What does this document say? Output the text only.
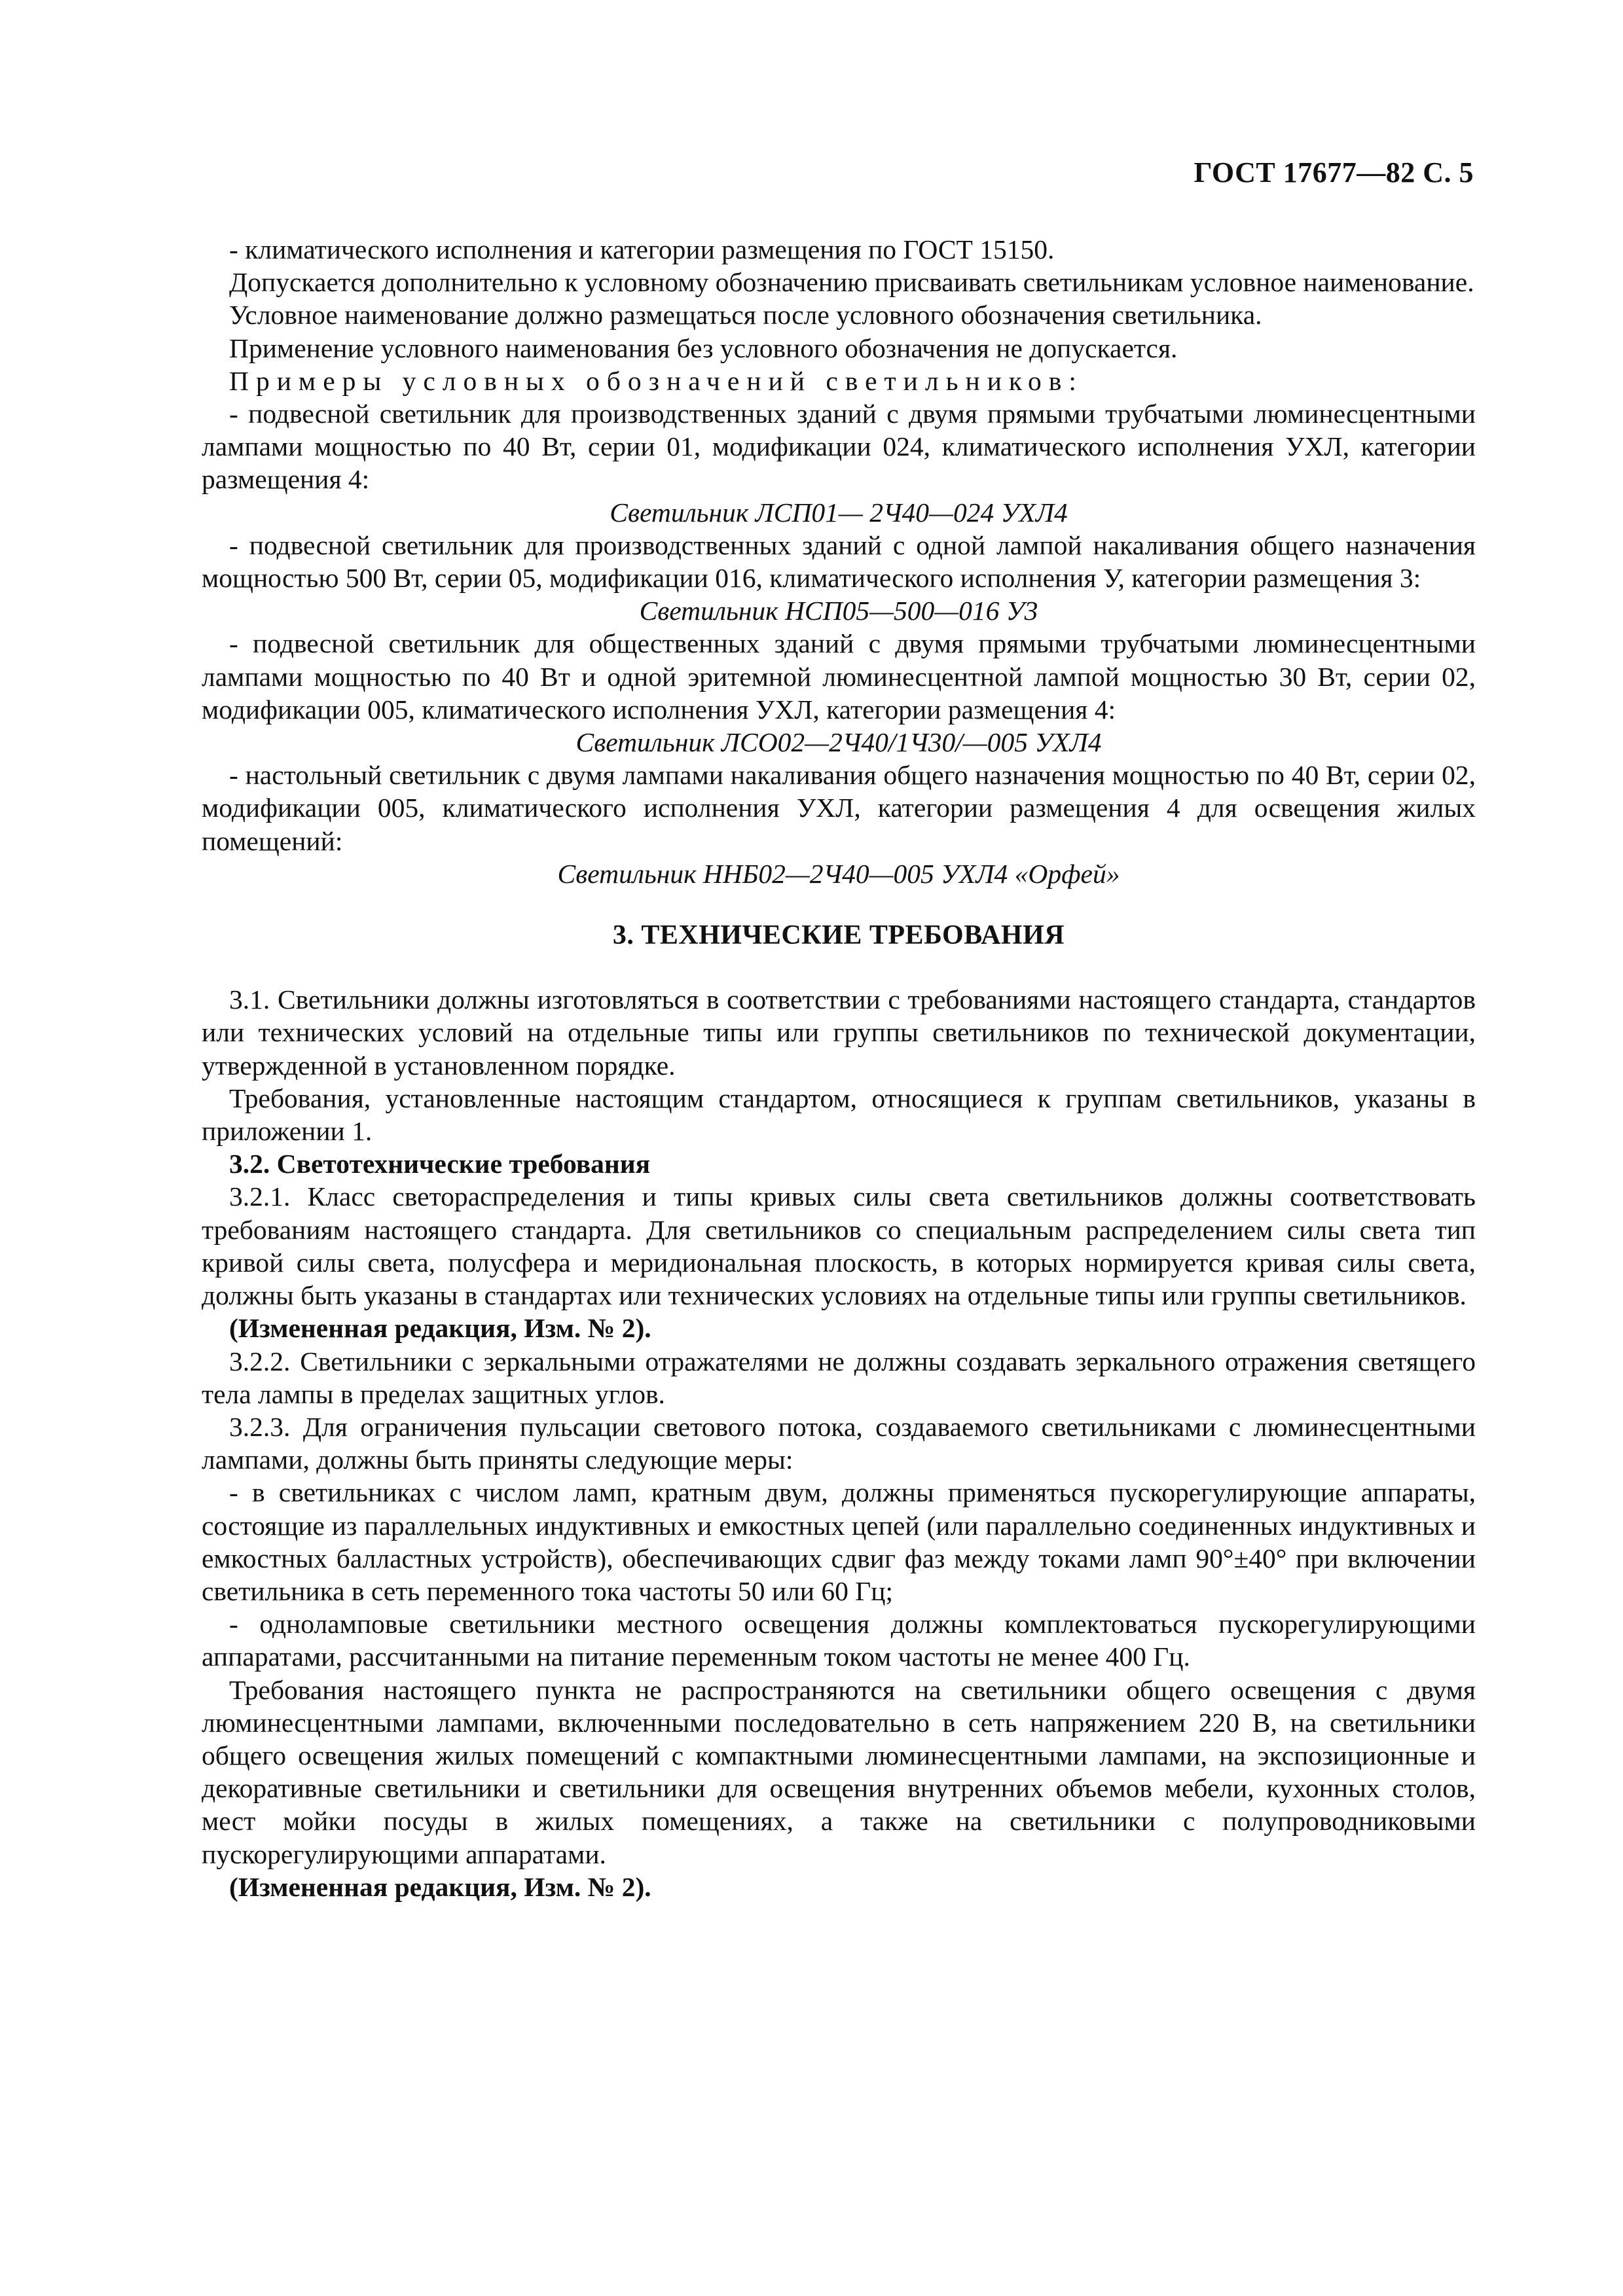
ГОСТ 17677—82 С. 5

- климатического исполнения и категории размещения по ГОСТ 15150.

Допускается дополнительно к условному обозначению присваивать светильникам условное наименование.

Условное наименование должно размещаться после условного обозначения светильника.

Применение условного наименования без условного обозначения не допускается.

Примеры условных обозначений светильников:

- подвесной светильник для производственных зданий с двумя прямыми трубчатыми люминесцентными лампами мощностью по 40 Вт, серии 01, модификации 024, климатического исполнения УХЛ, категории размещения 4:

Светильник ЛСП01— 2Ч40—024 УХЛ4

- подвесной светильник для производственных зданий с одной лампой накаливания общего назначения мощностью 500 Вт, серии 05, модификации 016, климатического исполнения У, категории размещения 3:

Светильник НСП05—500—016 У3

- подвесной светильник для общественных зданий с двумя прямыми трубчатыми люминесцентными лампами мощностью по 40 Вт и одной эритемной люминесцентной лампой мощностью 30 Вт, серии 02, модификации 005, климатического исполнения УХЛ, категории размещения 4:

Светильник ЛСО02—2Ч40/1Ч30/—005 УХЛ4

- настольный светильник с двумя лампами накаливания общего назначения мощностью по 40 Вт, серии 02, модификации 005, климатического исполнения УХЛ, категории размещения 4 для освещения жилых помещений:

Светильник ННБ02—2Ч40—005 УХЛ4 «Орфей»

3. ТЕХНИЧЕСКИЕ ТРЕБОВАНИЯ

3.1. Светильники должны изготовляться в соответствии с требованиями настоящего стандарта, стандартов или технических условий на отдельные типы или группы светильников по технической документации, утвержденной в установленном порядке.

Требования, установленные настоящим стандартом, относящиеся к группам светильников, указаны в приложении 1.

3.2. Светотехнические требования

3.2.1. Класс светораспределения и типы кривых силы света светильников должны соответствовать требованиям настоящего стандарта. Для светильников со специальным распределением силы света тип кривой силы света, полусфера и меридиональная плоскость, в которых нормируется кривая силы света, должны быть указаны в стандартах или технических условиях на отдельные типы или группы светильников.

(Измененная редакция, Изм. № 2).

3.2.2. Светильники с зеркальными отражателями не должны создавать зеркального отражения светящего тела лампы в пределах защитных углов.

3.2.3. Для ограничения пульсации светового потока, создаваемого светильниками с люминесцентными лампами, должны быть приняты следующие меры:

- в светильниках с числом ламп, кратным двум, должны применяться пускорегулирующие аппараты, состоящие из параллельных индуктивных и емкостных цепей (или параллельно соединенных индуктивных и емкостных балластных устройств), обеспечивающих сдвиг фаз между токами ламп 90°±40° при включении светильника в сеть переменного тока частоты 50 или 60 Гц;

- одноламповые светильники местного освещения должны комплектоваться пускорегулирующими аппаратами, рассчитанными на питание переменным током частоты не менее 400 Гц.

Требования настоящего пункта не распространяются на светильники общего освещения с двумя люминесцентными лампами, включенными последовательно в сеть напряжением 220 В, на светильники общего освещения жилых помещений с компактными люминесцентными лампами, на экспозиционные и декоративные светильники и светильники для освещения внутренних объемов мебели, кухонных столов, мест мойки посуды в жилых помещениях, а также на светильники с полупроводниковыми пускорегулирующими аппаратами.

(Измененная редакция, Изм. № 2).
